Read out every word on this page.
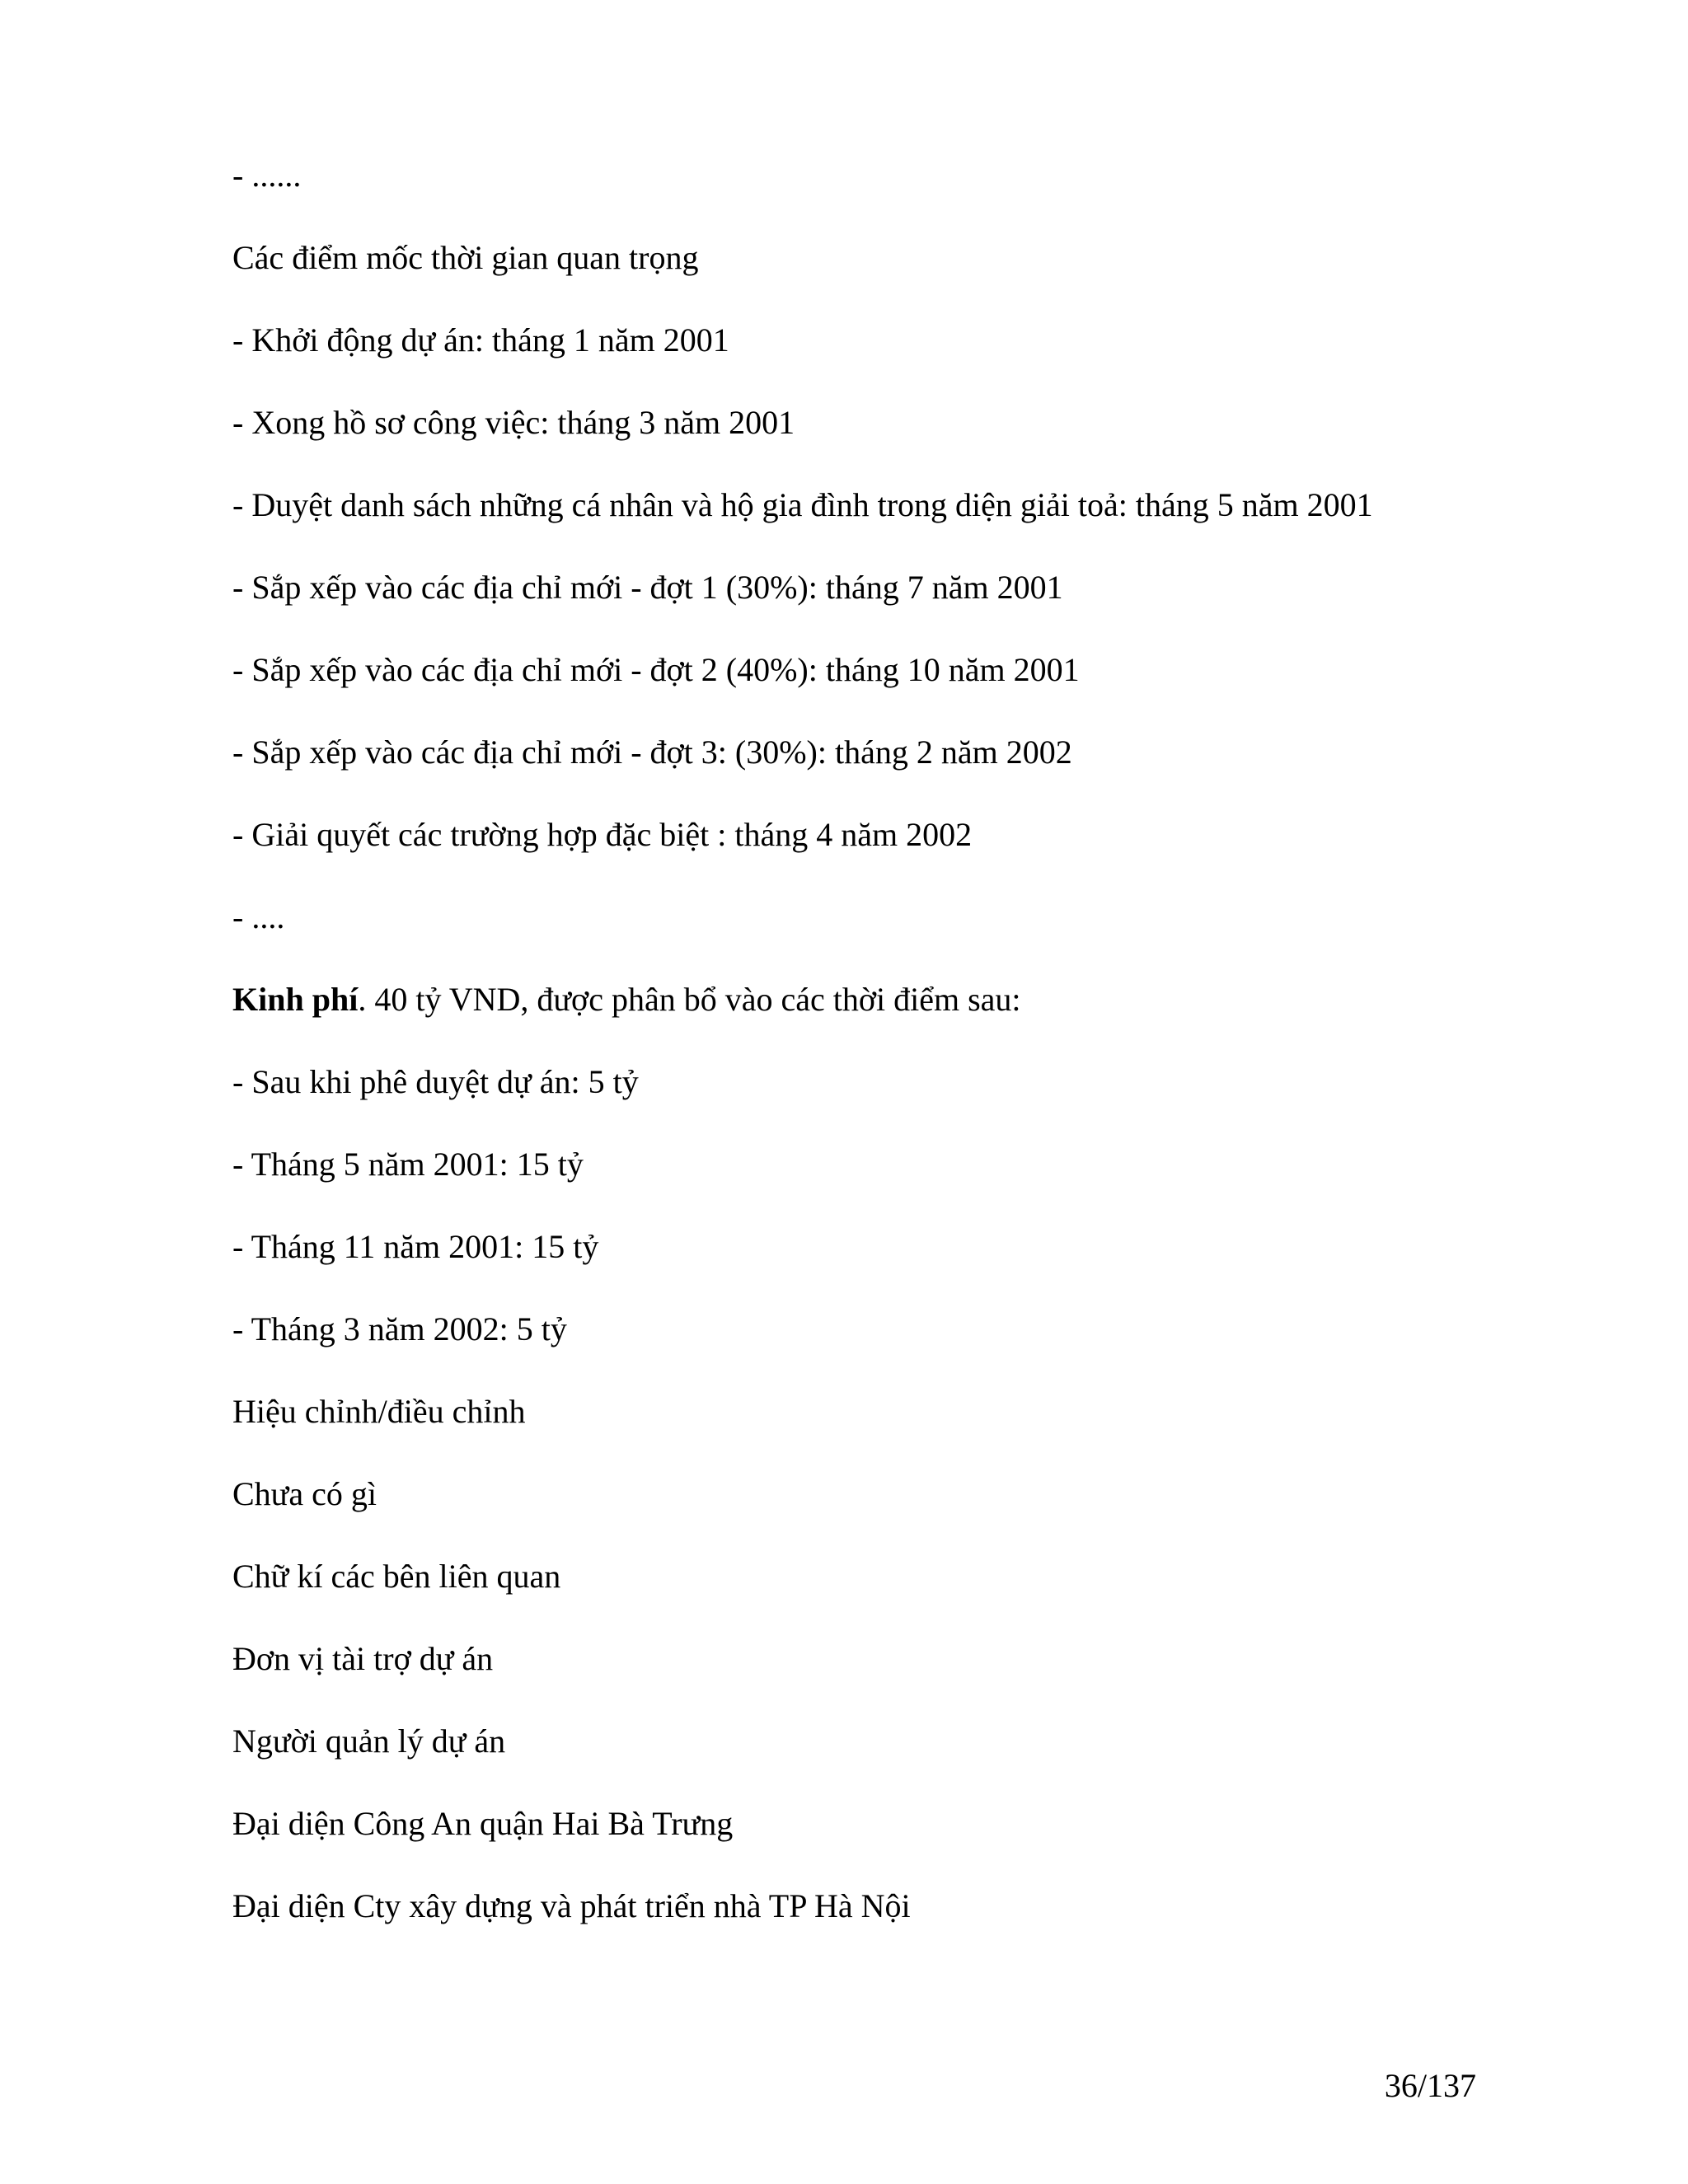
- ......
Các điểm mốc thời gian quan trọng
- Khởi động dự án: tháng 1 năm 2001
- Xong hồ sơ công việc: tháng 3 năm 2001
- Duyệt danh sách những cá nhân và hộ gia đình trong diện giải toả: tháng 5 năm 2001
- Sắp xếp vào các địa chỉ mới - đợt 1 (30%): tháng 7 năm 2001
- Sắp xếp vào các địa chỉ mới - đợt 2 (40%): tháng 10 năm 2001
- Sắp xếp vào các địa chỉ mới - đợt 3: (30%): tháng 2 năm 2002
- Giải quyết các trường hợp đặc biệt : tháng 4 năm 2002
- ....
Kinh phí. 40 tỷ VND, được phân bổ vào các thời điểm sau:
- Sau khi phê duyệt dự án: 5 tỷ
- Tháng 5 năm 2001: 15 tỷ
- Tháng 11 năm 2001: 15 tỷ
- Tháng 3 năm 2002: 5 tỷ
Hiệu chỉnh/điều chỉnh
Chưa có gì
Chữ kí các bên liên quan
Đơn vị tài trợ dự án
Người quản lý dự án
Đại diện Công An quận Hai Bà Trưng
Đại diện Cty xây dựng và phát triển nhà TP Hà Nội
36/137
